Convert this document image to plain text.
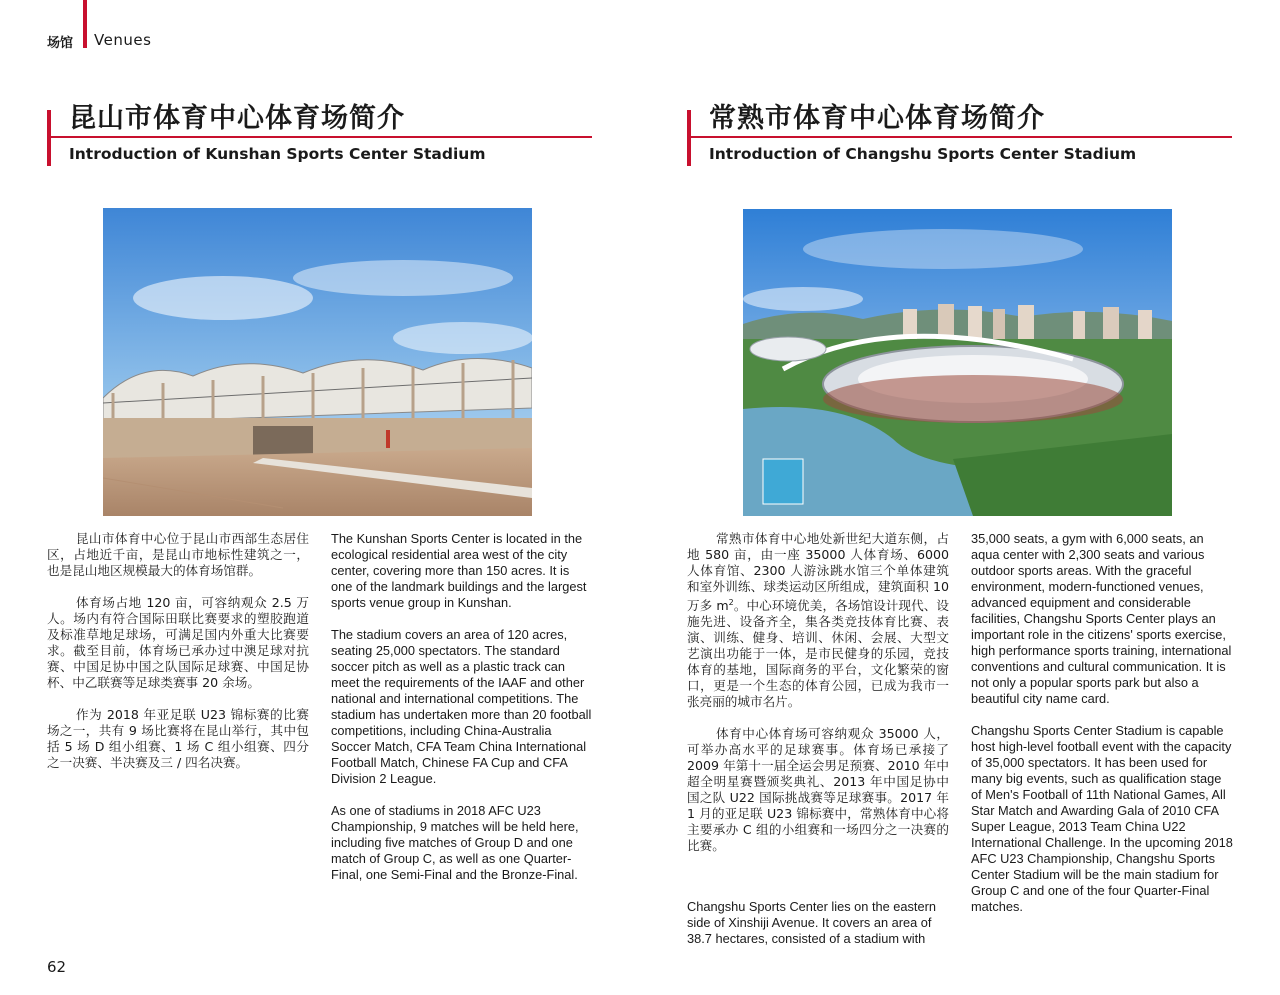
场馆 Venues
昆山市体育中心体育场简介
Introduction of Kunshan Sports Center Stadium
常熟市体育中心体育场简介
Introduction of Changshu Sports Center Stadium

昆山市体育中心位于昆山市西部生态居住区，占地近千亩，是昆山市地标性建筑之一，也是昆山地区规模最大的体育场馆群。

体育场占地 120 亩，可容纳观众 2.5 万人。场内有符合国际田联比赛要求的塑胶跑道及标准草地足球场，可满足国内外重大比赛要求。截至目前，体育场已承办过中澳足球对抗赛、中国足协中国之队国际足球赛、中国足协杯、中乙联赛等足球类赛事 20 余场。

作为 2018 年亚足联 U23 锦标赛的比赛场之一，共有 9 场比赛将在昆山举行，其中包括 5 场 D 组小组赛、1 场 C 组小组赛、四分之一决赛、半决赛及三 / 四名决赛。

The Kunshan Sports Center is located in the ecological residential area west of the city center, covering more than 150 acres. It is one of the landmark buildings and the largest sports venue group in Kunshan.

The stadium covers an area of 120 acres, seating 25,000 spectators. The standard soccer pitch as well as a plastic track can meet the requirements of the IAAF and other national and international competitions. The stadium has undertaken more than 20 football competitions, including China-Australia Soccer Match, CFA Team China International Football Match, Chinese FA Cup and CFA Division 2 League.

As one of stadiums in 2018 AFC U23 Championship, 9 matches will be held here, including five matches of Group D and one match of Group C, as well as one Quarter-Final, one Semi-Final and the Bronze-Final.

常熟市体育中心地处新世纪大道东侧，占地 580 亩，由一座 35000 人体育场、6000 人体育馆、2300 人游泳跳水馆三个单体建筑和室外训练、球类运动区所组成，建筑面积 10 万多 $m^2$。中心环境优美，各场馆设计现代、设施先进、设备齐全，集各类竞技体育比赛、表演、训练、健身、培训、休闲、会展、大型文艺演出功能于一体，是市民健身的乐园，竞技体育的基地，国际商务的平台，文化繁荣的窗口，更是一个生态的体育公园，已成为我市一张亮丽的城市名片。

体育中心体育场可容纳观众 35000 人，可举办高水平的足球赛事。体育场已承接了 2009 年第十一届全运会男足预赛、2010 年中超全明星赛暨颁奖典礼、2013 年中国足协中国之队 U22 国际挑战赛等足球赛事。2017 年 1 月的亚足联 U23 锦标赛中，常熟体育中心将主要承办 C 组的小组赛和一场四分之一决赛的比赛。

Changshu Sports Center lies on the eastern side of Xinshiji Avenue. It covers an area of 38.7 hectares, consisted of a stadium with

35,000 seats, a gym with 6,000 seats, an aqua center with 2,300 seats and various outdoor sports areas. With the graceful environment, modern-functioned venues, advanced equipment and considerable facilities, Changshu Sports Center plays an important role in the citizens' sports exercise, high performance sports training, international conventions and cultural communication. It is not only a popular sports park but also a beautiful city name card.

Changshu Sports Center Stadium is capable host high-level football event with the capacity of 35,000 spectators. It has been used for many big events, such as qualification stage of Men's Football of 11th National Games, All Star Match and Awarding Gala of 2010 CFA Super League, 2013 Team China U22 International Challenge. In the upcoming 2018 AFC U23 Championship, Changshu Sports Center Stadium will be the main stadium for Group C and one of the four Quarter-Final matches.

62
